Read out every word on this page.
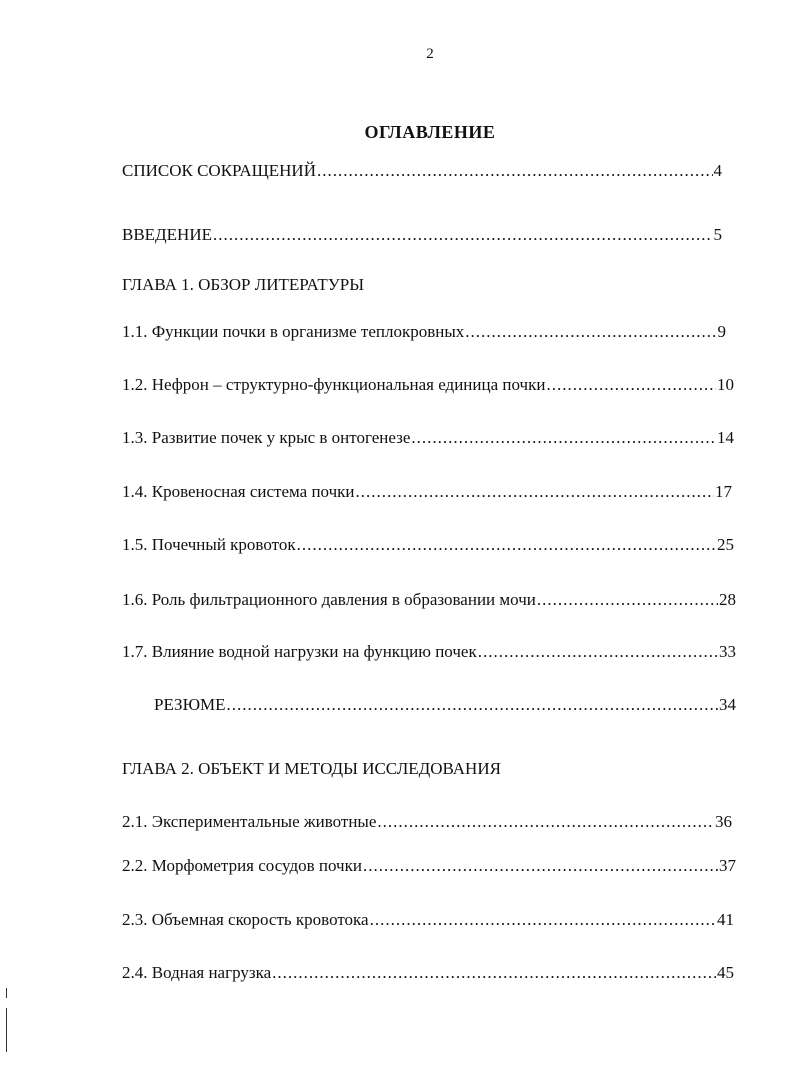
2
ОГЛАВЛЕНИЕ
СПИСОК СОКРАЩЕНИЙ .....	4
ВВЕДЕНИЕ .....	5
ГЛАВА 1. ОБЗОР ЛИТЕРАТУРЫ
1.1. Функции почки в организме теплокровных .....	9
1.2. Нефрон – структурно-функциональная единица почки .....	10
1.3. Развитие почек у крыс в онтогенезе .....	14
1.4. Кровеносная система почки .....	17
1.5. Почечный кровоток .....	25
1.6. Роль фильтрационного давления в образовании мочи .....	28
1.7. Влияние водной нагрузки на функцию почек .....	33
РЕЗЮМЕ .....	34
ГЛАВА 2. ОБЪЕКТ И МЕТОДЫ ИССЛЕДОВАНИЯ
2.1. Экспериментальные животные .....	36
2.2. Морфометрия сосудов почки .....	37
2.3. Объемная скорость кровотока .....	41
2.4. Водная нагрузка .....	45
